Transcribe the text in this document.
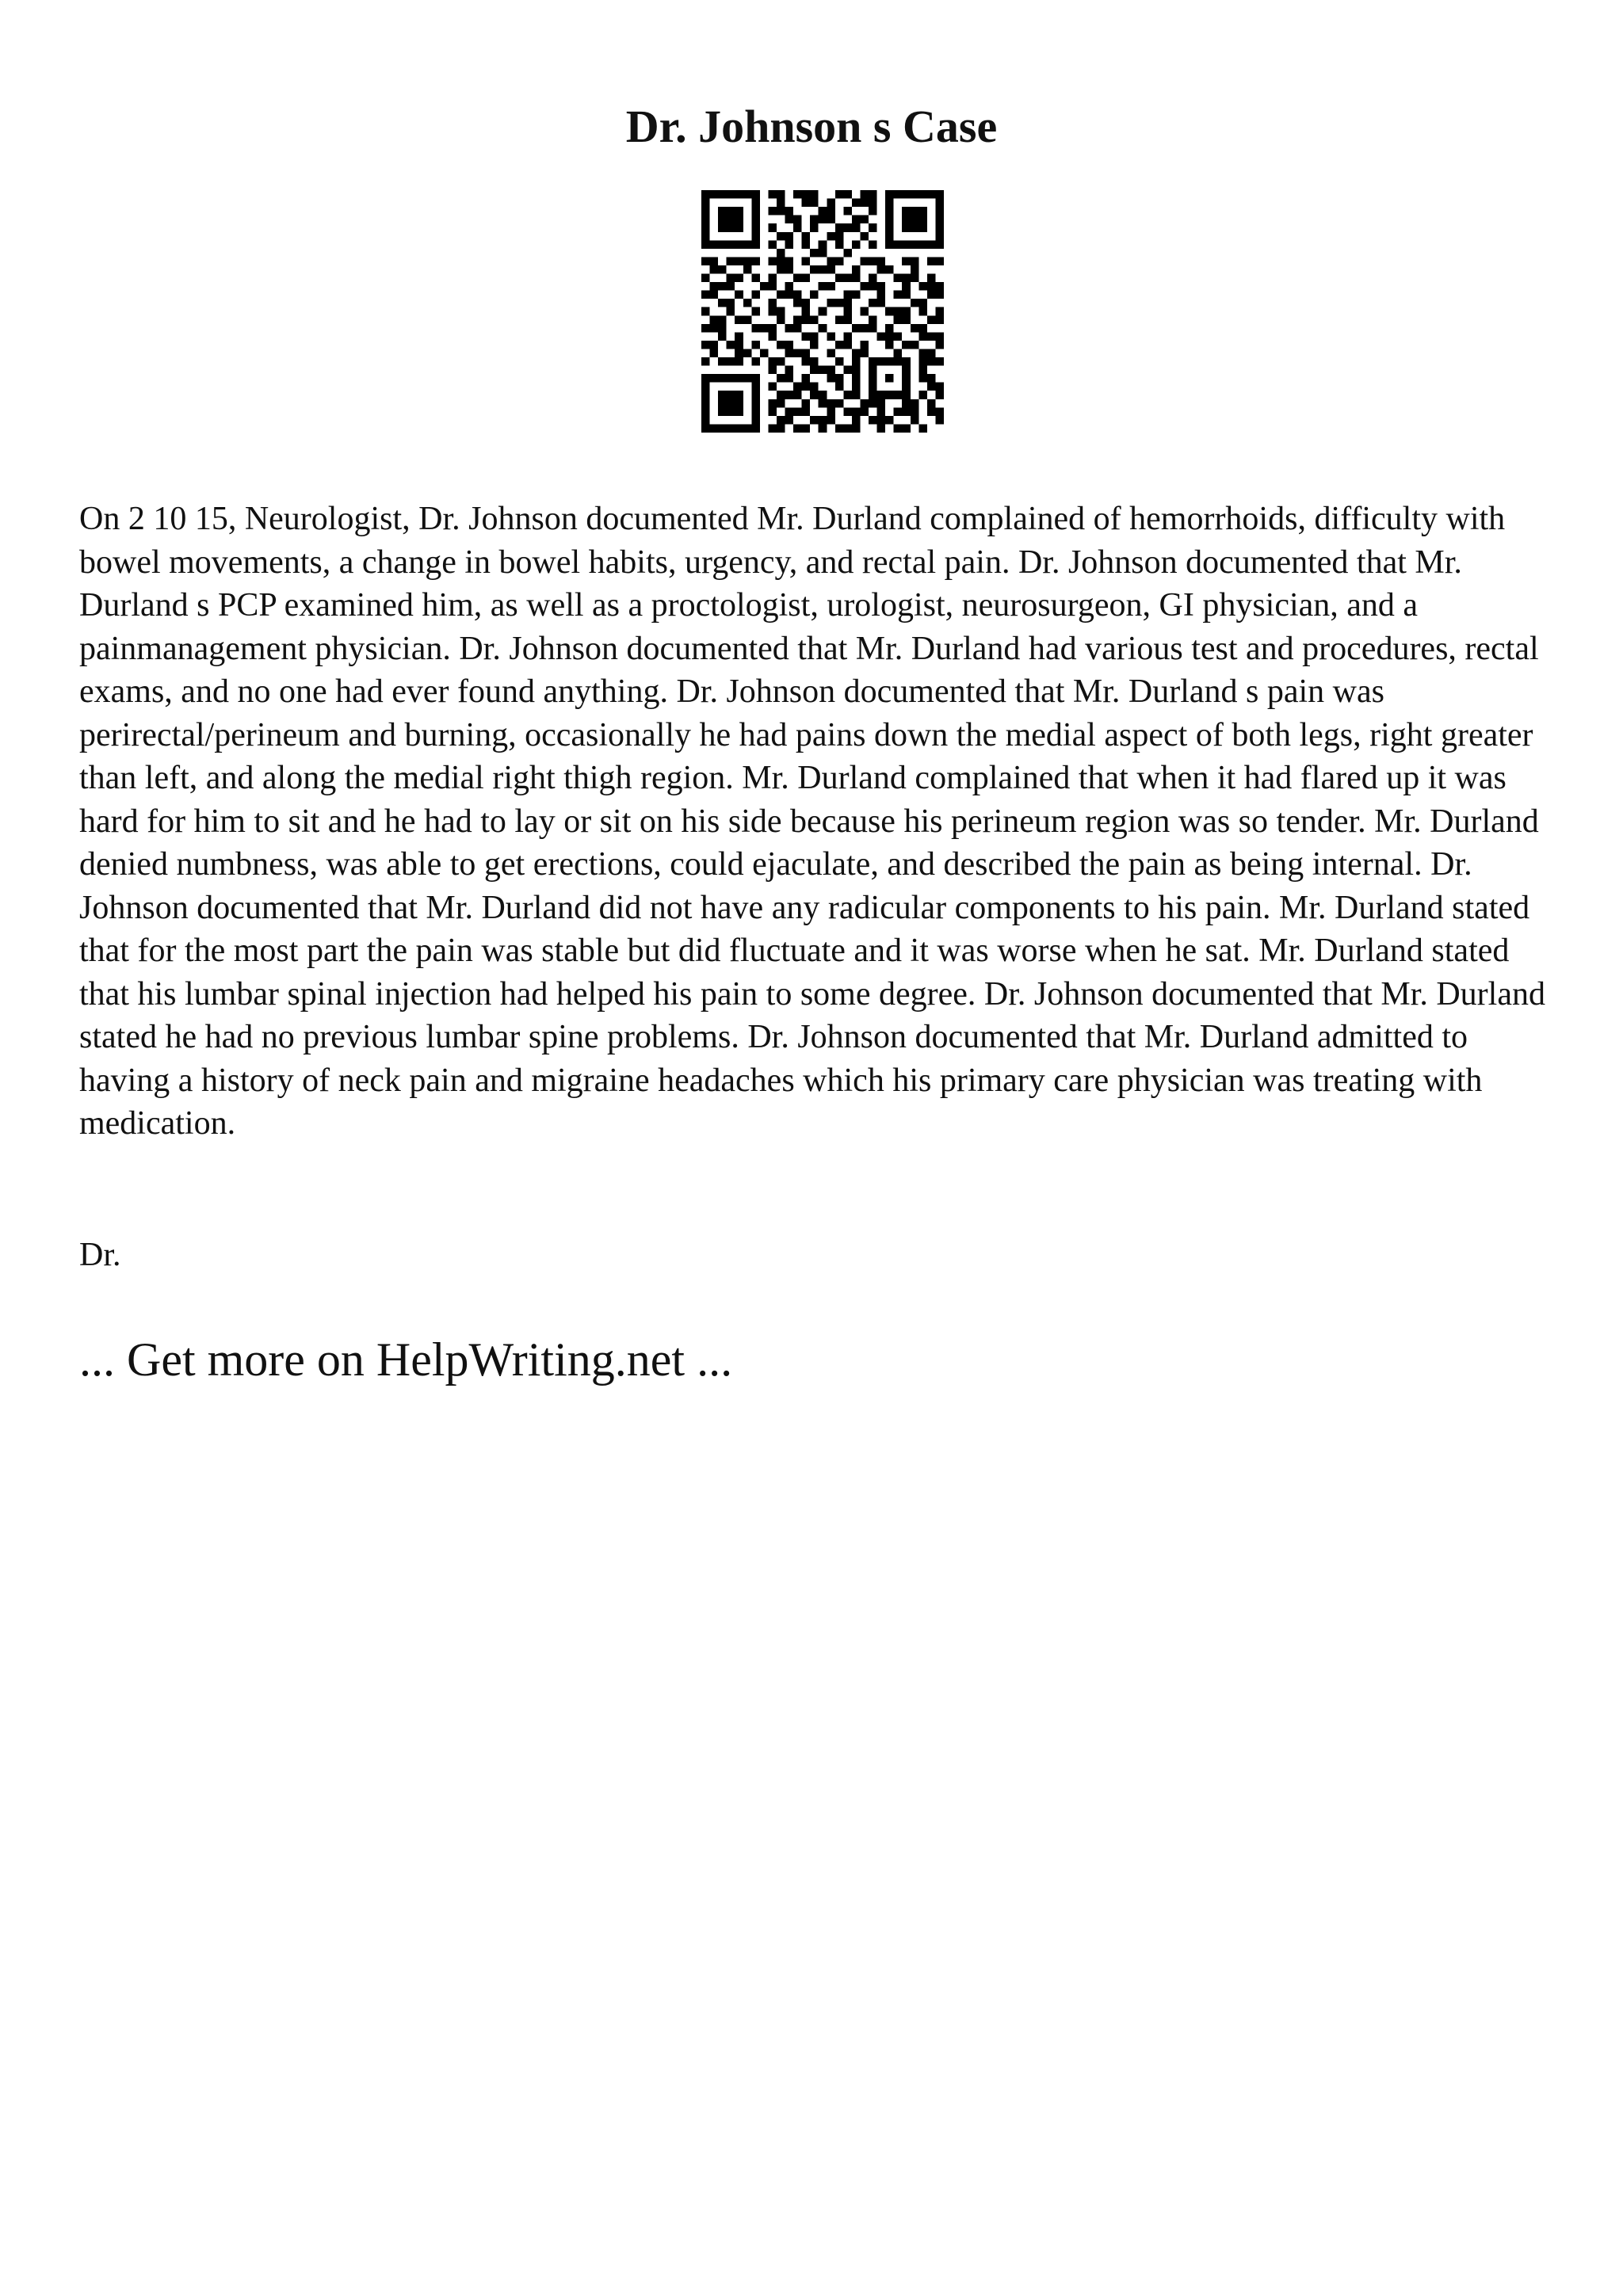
Dr. Johnson s Case

On 2 10 15, Neurologist, Dr. Johnson documented Mr. Durland complained of hemorrhoids, difficulty with bowel movements, a change in bowel habits, urgency, and rectal pain. Dr. Johnson documented that Mr. Durland s PCP examined him, as well as a proctologist, urologist, neurosurgeon, GI physician, and a painmanagement physician. Dr. Johnson documented that Mr. Durland had various test and procedures, rectal exams, and no one had ever found anything. Dr. Johnson documented that Mr. Durland s pain was perirectal/perineum and burning, occasionally he had pains down the medial aspect of both legs, right greater than left, and along the medial right thigh region. Mr. Durland complained that when it had flared up it was hard for him to sit and he had to lay or sit on his side because his perineum region was so tender. Mr. Durland denied numbness, was able to get erections, could ejaculate, and described the pain as being internal. Dr. Johnson documented that Mr. Durland did not have any radicular components to his pain. Mr. Durland stated that for the most part the pain was stable but did fluctuate and it was worse when he sat. Mr. Durland stated that his lumbar spinal injection had helped his pain to some degree. Dr. Johnson documented that Mr. Durland stated he had no previous lumbar spine problems. Dr. Johnson documented that Mr. Durland admitted to having a history of neck pain and migraine headaches which his primary care physician was treating with medication.

Dr.

... Get more on HelpWriting.net ...
